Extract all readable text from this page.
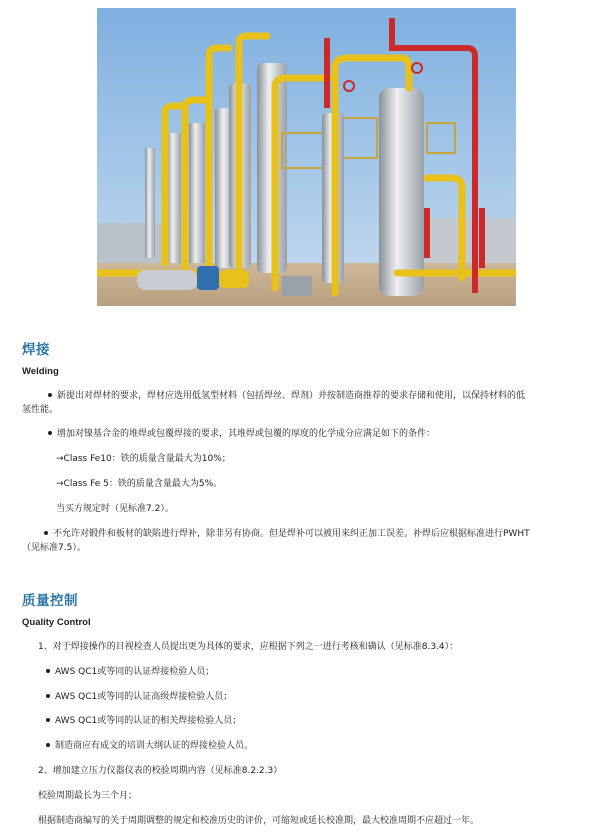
焊接

Welding

新提出对焊材的要求，焊材应选用低氢型材料（包括焊丝、焊剂）并按制造商推荐的要求存储和使用，以保持材料的低

氢性能。

增加对镍基合金的堆焊或包覆焊接的要求，其堆焊或包覆的厚度的化学成分应满足如下的条件：

→Class Fe10：铁的质量含量最大为10%；

→Class Fe 5：铁的质量含量最大为5%。

当买方规定时（见标准7.2）。

不允许对锻件和板材的缺陷进行焊补，除非另有协商。但是焊补可以被用来纠正加工误差。补焊后应根据标准进行PWHT

（见标准7.5）。

质量控制

Quality Control

1、对于焊接操作的目视检查人员提出更为具体的要求，应根据下列之一进行考核和确认（见标准8.3.4）：

AWS QC1或等同的认证焊接检验人员；

AWS QC1或等同的认证高级焊接检验人员；

AWS QC1或等同的认证的相关焊接检验人员；

制造商应有成文的培训大纲认证的焊接检验人员。

2、增加建立压力仪器仪表的校验周期内容（见标准8.2.2.3）

校验周期最长为三个月；

根据制造商编写的关于周期调整的规定和校准历史的评价，可缩短或延长校准期，最大校准周期不应超过一年。
